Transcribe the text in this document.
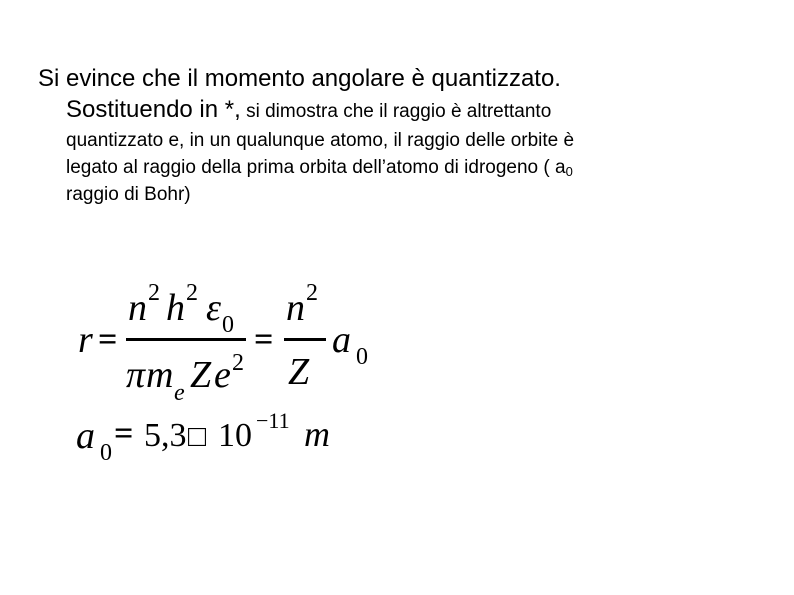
Si evince che il momento angolare è quantizzato.
Sostituendo in *, si dimostra che il raggio è altrettanto
quantizzato e, in un qualunque atomo, il raggio delle orbite è
legato al raggio della prima orbita dell’atomo di idrogeno ( $a_0$
raggio di Bohr)
r =
n 2 h 2 ε 0
π m e Z e 2
=
n 2
Z
a 0
a 0
= 5,3 □ 10 −11 m
